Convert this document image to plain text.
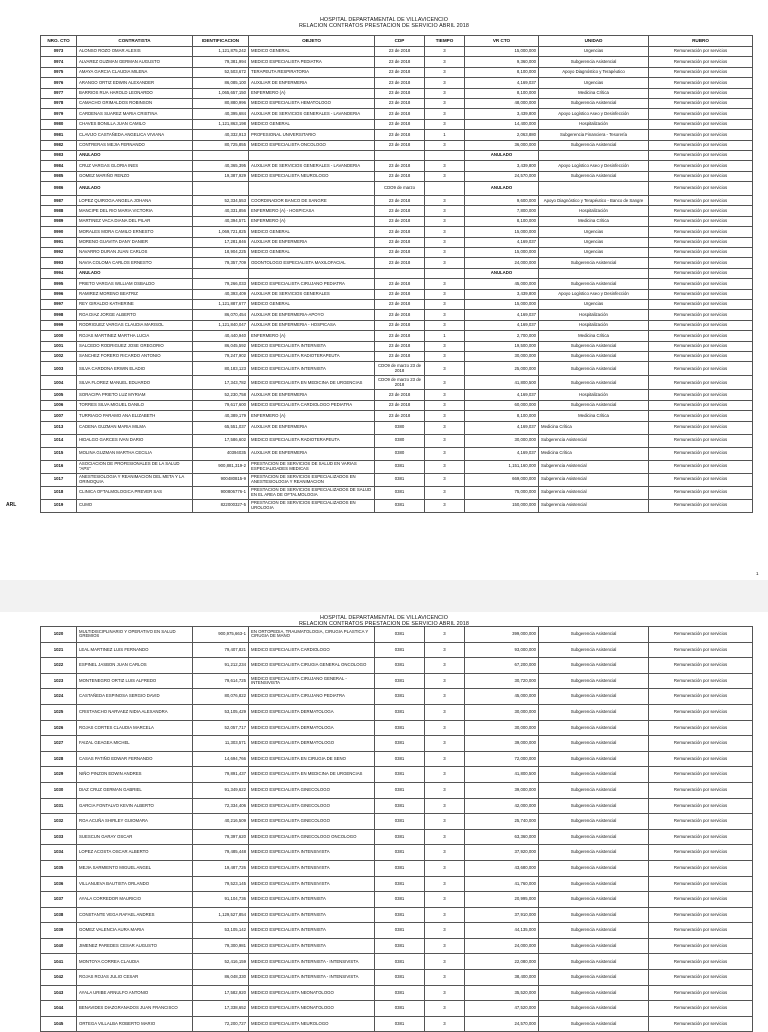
HOSPITAL DEPARTAMENTAL DE VILLAVICENCIO
RELACION CONTRATOS PRESTACION DE SERVICIO ABRIL 2018
NRO. CTO	CONTRATISTA	IDENTIFICACION	OBJETO	CDP	TIEMPO	VR CTO	UNIDAD	RUBRO
0973	ALONSO ROZO OMAR ALEXIS	1,121,875,242	MEDICO GENERAL	23 de 2018	3	15,000,000	Urgencias	Remuneración por servicios
0974	ALVAREZ GUZMAN GERMAN AUGUSTO	79,381,994	MEDICO ESPECIALISTA PEDIATRA	23 de 2018	3	9,360,000	Subgerencia Asistencial	Remuneración por servicios
0975	AMAYA GARCIA CLAUDIA MILENA	52,503,672	TERAPEUTA RESPIRATORIA	23 de 2018	3	8,100,000	Apoyo Diagnóstico y Terapéutico	Remuneración por servicios
0976	ARANGO ORTIZ EDWIN ALEXANDER	86,085,100	AUXILIAR DE ENFERMERIA	23 de 2018	3	4,169,037	Urgencias	Remuneración por servicios
0977	BARRIOS RUA HAROLD LEONARDO	1,065,657,150	ENFERMERO (A)	23 de 2018	3	8,100,000	Medicina Crítica	Remuneración por servicios
0978	CAMACHO GRIMALDOS ROBINSON	80,880,996	MEDICO ESPECIALISTA HEMATOLOGO	23 de 2018	3	48,000,000	Subgerencia Asistencial	Remuneración por servicios
0979	CARDENAS SUAREZ MARIA CRISTINA	40,395,684	AUXILIAR DE SERVICIOS GENERALES - LAVANDERIA	23 de 2018	3	3,439,800	Apoyo Logístico Aseo y Desinfección	Remuneración por servicios
0980	CHAVES BONILLA JUAN CAMILO	1,121,863,198	MEDICO GENERAL	23 de 2018	3	14,400,000	Hospitalización	Remuneración por servicios
0981	CLAVIJO CASTAÑEDA ANGELICA VIVIANA	40,332,913	PROFESIONAL UNIVERSITARIO	23 de 2018	1	2,063,880	Subgerencia Financiera - Tesorería	Remuneración por servicios
0982	CONTRERAS MEJIA FERNANDO	80,725,855	MEDICO ESPECIALISTA ONCOLOGO	23 de 2018	3	36,000,000	Subgerencia Asistencial	Remuneración por servicios
0983	ANULADO					ANULADO		Remuneración por servicios
0984	CRUZ VARGAS GLORIA INES	40,365,395	AUXILIAR DE SERVICIOS GENERALES - LAVANDERIA	23 de 2018	3	3,439,800	Apoyo Logístico Aseo y Desinfección	Remuneración por servicios
0985	GOMEZ MARIÑO RENZO	19,387,929	MEDICO ESPECIALISTA NEUROLOGO	23 de 2018	3	24,570,000	Subgerencia Asistencial	Remuneración por servicios
0986	ANULADO			CDO9 de marzo		ANULADO		Remuneración por servicios
0987	LOPEZ QUIROGA ANGELA JOHANA	52,334,553	COORDINADOR BANCO DE SANGRE	23 de 2018	3	9,600,000	Apoyo Diagnóstico y Terapéutico - Banco de Sangre	Remuneración por servicios
0988	MANCIPE DEL RIO MARIA VICTORIA	40,331,856	ENFERMERO (A) - HOSPICASA	23 de 2018	3	7,800,000	Hospitalización	Remuneración por servicios
0989	MARTINEZ VACA DIANA DEL PILAR	40,394,571	ENFERMERO (A)	23 de 2018	3	8,100,000	Medicina Crítica	Remuneración por servicios
0990	MORALES MORA CAMILO ERNESTO	1,069,721,825	MEDICO GENERAL	23 de 2018	3	15,000,000	Urgencias	Remuneración por servicios
0991	MORENO GUAVITA DANY DANIER	17,281,846	AUXILIAR DE ENFERMERIA	23 de 2018	3	4,169,037	Urgencias	Remuneración por servicios
0992	NAVARRO DURAN JUAN CARLOS	18,904,225	MEDICO GENERAL	23 de 2018	3	15,000,000	Urgencias	Remuneración por servicios
0993	NAVIA COLOMA CARLOS ERNESTO	79,357,709	ODONTOLOGO ESPECIALISTA MAXILOFACIAL	23 de 2018	3	24,000,000	Subgerencia Asistencial	Remuneración por servicios
0994	ANULADO					ANULADO		Remuneración por servicios
0995	PRIETO VARGAS WILLIAM OSBALDO	79,266,033	MEDICO ESPECIALISTA CIRUJANO PEDIATRA	23 de 2018	3	45,000,000	Subgerencia Asistencial	Remuneración por servicios
0996	RAMIREZ MORENO BEATRIZ	40,393,409	AUXILIAR DE SERVICIOS GENERALES	23 de 2018	3	3,439,800	Apoyo Logístico Aseo y Desinfección	Remuneración por servicios
0997	REY GIRALDO KATHERINE	1,121,887,677	MEDICO GENERAL	23 de 2018	3	15,000,000	Urgencias	Remuneración por servicios
0998	ROA DIAZ JORGE ALBERTO	86,070,454	AUXILIAR DE ENFERMERIA-APOYO	23 de 2018	3	4,169,037	Hospitalización	Remuneración por servicios
0999	RODRIGUEZ VARGAS CLAUDIA MARISOL	1,121,840,047	AUXILIAR DE ENFERMERIA - HOSPICASA	23 de 2018	3	4,169,037	Hospitalización	Remuneración por servicios
1000	ROJAS MARTINEZ MARTHA LUCIA	40,440,940	ENFERMERO (A)	23 de 2018	1	2,700,000	Medicina Crítica	Remuneración por servicios
1001	SALCEDO RODRIGUEZ JOSE GREGORIO	86,045,592	MEDICO ESPECIALISTA INTERNISTA	23 de 2018	3	19,500,000	Subgerencia Asistencial	Remuneración por servicios
1002	SANCHEZ FORERO RICARDO ANTONIO	79,247,902	MEDICO ESPECIALISTA RADIOTERAPEUTA	23 de 2018	3	30,000,000	Subgerencia Asistencial	Remuneración por servicios
1003	SILVA CARDONA ERWIN ELADIO	80,183,123	MEDICO ESPECIALISTA INTERNISTA	CDO9 de marzo 23 de 2018	3	25,000,000	Subgerencia Asistencial	Remuneración por servicios
1004	SILVA FLOREZ MANUEL EDUARDO	17,343,782	MEDICO ESPECIALISTA EN MEDICINA DE URGENCIAS	CDO9 de marzo 23 de 2018	3	41,800,500	Subgerencia Asistencial	Remuneración por servicios
1005	SORACIPA PRIETO LUZ MYRIAM	52,230,758	AUXILIAR DE ENFERMERIA	23 de 2018	3	4,169,037	Hospitalización	Remuneración por servicios
1006	TORRES SILVA MIGUEL DANILO	79,617,600	MEDICO ESPECIALISTA CARDIOLOGO PEDIATRA	23 de 2018	3	60,000,000	Subgerencia Asistencial	Remuneración por servicios
1007	TURRIAGO PARAMO ANA ELIZABETH	40,389,179	ENFERMERO (A)	23 de 2018	3	8,100,000	Medicina Crítica	Remuneración por servicios
1013	CADENA GUZMAN MARIA MILMA	65,551,037	AUXILIAR DE ENFERMERIA	0380	3	4,169,037	Medicina Crítica	Remuneración por servicios
1014	HIDALGO GARCES IVAN DARIO	17,586,602	MEDICO ESPECIALISTA RADIOTERAPEUTA	0380	3	30,000,000	Subgerencia Asistencial	Remuneración por servicios
1015	MOLINA GUZMAN MARTHA CECILIA	40394035	AUXILIAR DE ENFERMERIA	0380	3	4,169,037	Medicina Crítica	Remuneración por servicios
1016	ASOCIACION DE PROFESIONALES DE LA SALUD "APS"	900,881,319-2	PRESTACION DE SERVICIOS DE SALUD EN VARIAS ESPECIALIDADES MEDICAS	0381	3	1,151,160,000	Subgerencia Asistencial	Remuneración por servicios
1017	ANESTESIOLOGIA Y REANIMACION DEL META Y LA ORINOQUIA	900480815-9	PRESTACION DE SERVICIOS ESPECIALIZADOS EN ANESTESIOLOGIA Y REANIMACION	0381	3	669,000,000	Subgerencia Asistencial	Remuneración por servicios
1018	CLINICA OFTALMOLOGICA PREVER SAS	900806776-1	PRESTACION DE SERVICIOS ESPECIALIZADOS DE SALUD EN EL AREA DE OFTALMOLOGIA	0381	3	75,000,000	Subgerencia Asistencial	Remuneración por servicios
1019	CUMO	822000327-5	PRESTACION DE SERVICIOS ESPECIALIZADOS EN UROLOGIA	0381	3	150,000,000	Subgerencia Asistencial	Remuneración por servicios
ARL
1
HOSPITAL DEPARTAMENTAL DE VILLAVICENCIO
RELACION CONTRATOS PRESTACION DE SERVICIO ABRIL 2018
1020	MULTIDISCIPLINARIO Y OPERATIVO EN SALUD GREMIOS	900,975,663-1	EN ORTOPEDIA, TRAUMATOLOGIA, CIRUGIA PLASTICA Y CIRUGIA DE MANO	0381	3	399,000,000	Subgerencia Asistencial	Remuneración por servicios
1021	LEAL MARTINEZ LUIS FERNANDO	79,407,821	MEDICO ESPECIALISTA CARDIOLOGO	0381	3	93,000,000	Subgerencia Asistencial	Remuneración por servicios
1022	ESPINEL JASBON JUAN CARLOS	91,212,234	MEDICO ESPECIALISTA CIRUGIA GENERAL ONCOLOGO	0381	3	67,200,000	Subgerencia Asistencial	Remuneración por servicios
1023	MONTENEGRO ORTIZ LUIS ALFREDO	79,614,725	MEDICO ESPECIALISTA CIRUJANO GENERAL - INTENSIVISTA	0381	3	30,720,000	Subgerencia Asistencial	Remuneración por servicios
1024	CASTAÑEDA ESPINOSA SERGIO DAVID	80,076,822	MEDICO ESPECIALISTA CIRUJANO PEDIATRA	0381	3	45,000,000	Subgerencia Asistencial	Remuneración por servicios
1025	CRISTANCHO NARVAEZ NIDIA ALEXANDRA	53,105,429	MEDICO ESPECIALISTA DERMATOLOGA	0381	3	30,000,000	Subgerencia Asistencial	Remuneración por servicios
1026	ROJAS CORTES CLAUDIA MARCELA	52,057,717	MEDICO ESPECIALISTA DERMATOLOGA	0381	3	30,000,000	Subgerencia Asistencial	Remuneración por servicios
1027	FAIZAL GEAGEA MICHEL	11,303,571	MEDICO ESPECIALISTA DERMATOLOGO	0381	3	39,000,000	Subgerencia Asistencial	Remuneración por servicios
1028	CASAS PATIÑO EDWAR FERNANDO	14,694,766	MEDICO ESPECIALISTA EN CIRUGIA DE SENO	0381	3	72,000,000	Subgerencia Asistencial	Remuneración por servicios
1029	NIÑO PINZON EDWIN ANDRES	79,891,437	MEDICO ESPECIALISTA EN MEDICINA DE URGENCIAS	0381	3	41,800,500	Subgerencia Asistencial	Remuneración por servicios
1030	DIAZ CRUZ GERMAN GABRIEL	91,349,622	MEDICO ESPECIALISTA GINECOLOGO	0381	3	39,000,000	Subgerencia Asistencial	Remuneración por servicios
1031	GARCIA FONTALVO KEVIN ALBERTO	72,334,406	MEDICO ESPECIALISTA GINECOLOGO	0381	3	42,000,000	Subgerencia Asistencial	Remuneración por servicios
1032	ROA ACUÑA SHIRLEY GUIOMARA	40,216,509	MEDICO ESPECIALISTA GINECOLOGO	0381	3	25,740,000	Subgerencia Asistencial	Remuneración por servicios
1033	SUESCUN GARAY OSCAR	79,397,620	MEDICO ESPECIALISTA GINECOLOGO ONCOLOGO	0381	3	63,360,000	Subgerencia Asistencial	Remuneración por servicios
1034	LOPEZ ACOSTA OSCAR ALBERTO	79,485,448	MEDICO ESPECIALISTA INTENSIVISTA	0381	3	37,920,000	Subgerencia Asistencial	Remuneración por servicios
1035	MEJIA SARMIENTO MIGUEL ANGEL	19,487,726	MEDICO ESPECIALISTA INTENSIVISTA	0381	3	43,680,000	Subgerencia Asistencial	Remuneración por servicios
1036	VILLANUEVA BAUTISTA ORLANDO	79,523,145	MEDICO ESPECIALISTA INTENSIVISTA	0381	3	41,760,000	Subgerencia Asistencial	Remuneración por servicios
1037	AYALA CORREDOR MAURICIO	91,104,736	MEDICO ESPECIALISTA INTERNISTA	0381	3	20,995,000	Subgerencia Asistencial	Remuneración por servicios
1038	CONSTANTE VEGA RAFAEL ANDRES	1,129,527,854	MEDICO ESPECIALISTA INTERNISTA	0381	3	37,910,000	Subgerencia Asistencial	Remuneración por servicios
1039	GOMEZ VALENCIA AURA MARIA	53,105,142	MEDICO ESPECIALISTA INTERNISTA	0381	3	44,135,000	Subgerencia Asistencial	Remuneración por servicios
1040	JIMENEZ PAREDES CESAR AUGUSTO	79,300,981	MEDICO ESPECIALISTA INTERNISTA	0381	3	24,000,000	Subgerencia Asistencial	Remuneración por servicios
1041	MONTOYA CORREA CLAUDIA	52,416,159	MEDICO ESPECIALISTA INTERNISTA - INTENSIVISTA	0381	3	22,080,000	Subgerencia Asistencial	Remuneración por servicios
1042	ROJAS ROJAS JULIO CESAR	86,048,330	MEDICO ESPECIALISTA INTERNISTA - INTENSIVISTA	0381	3	38,400,000	Subgerencia Asistencial	Remuneración por servicios
1043	AYALA URIBE ARNULFO ANTONIO	17,582,920	MEDICO ESPECIALISTA NEONATOLOGO	0381	3	35,520,000	Subgerencia Asistencial	Remuneración por servicios
1044	BENAVIDES DIAZGRANADOS JUAN FRANCISCO	17,338,652	MEDICO ESPECIALISTA NEONATOLOGO	0381	3	47,520,000	Subgerencia Asistencial	Remuneración por servicios
1045	ORTEGA VILLALBA ROBERTO MARIO	72,200,727	MEDICO ESPECIALISTA NEUROLOGO	0381	3	24,570,000	Subgerencia Asistencial	Remuneración por servicios
